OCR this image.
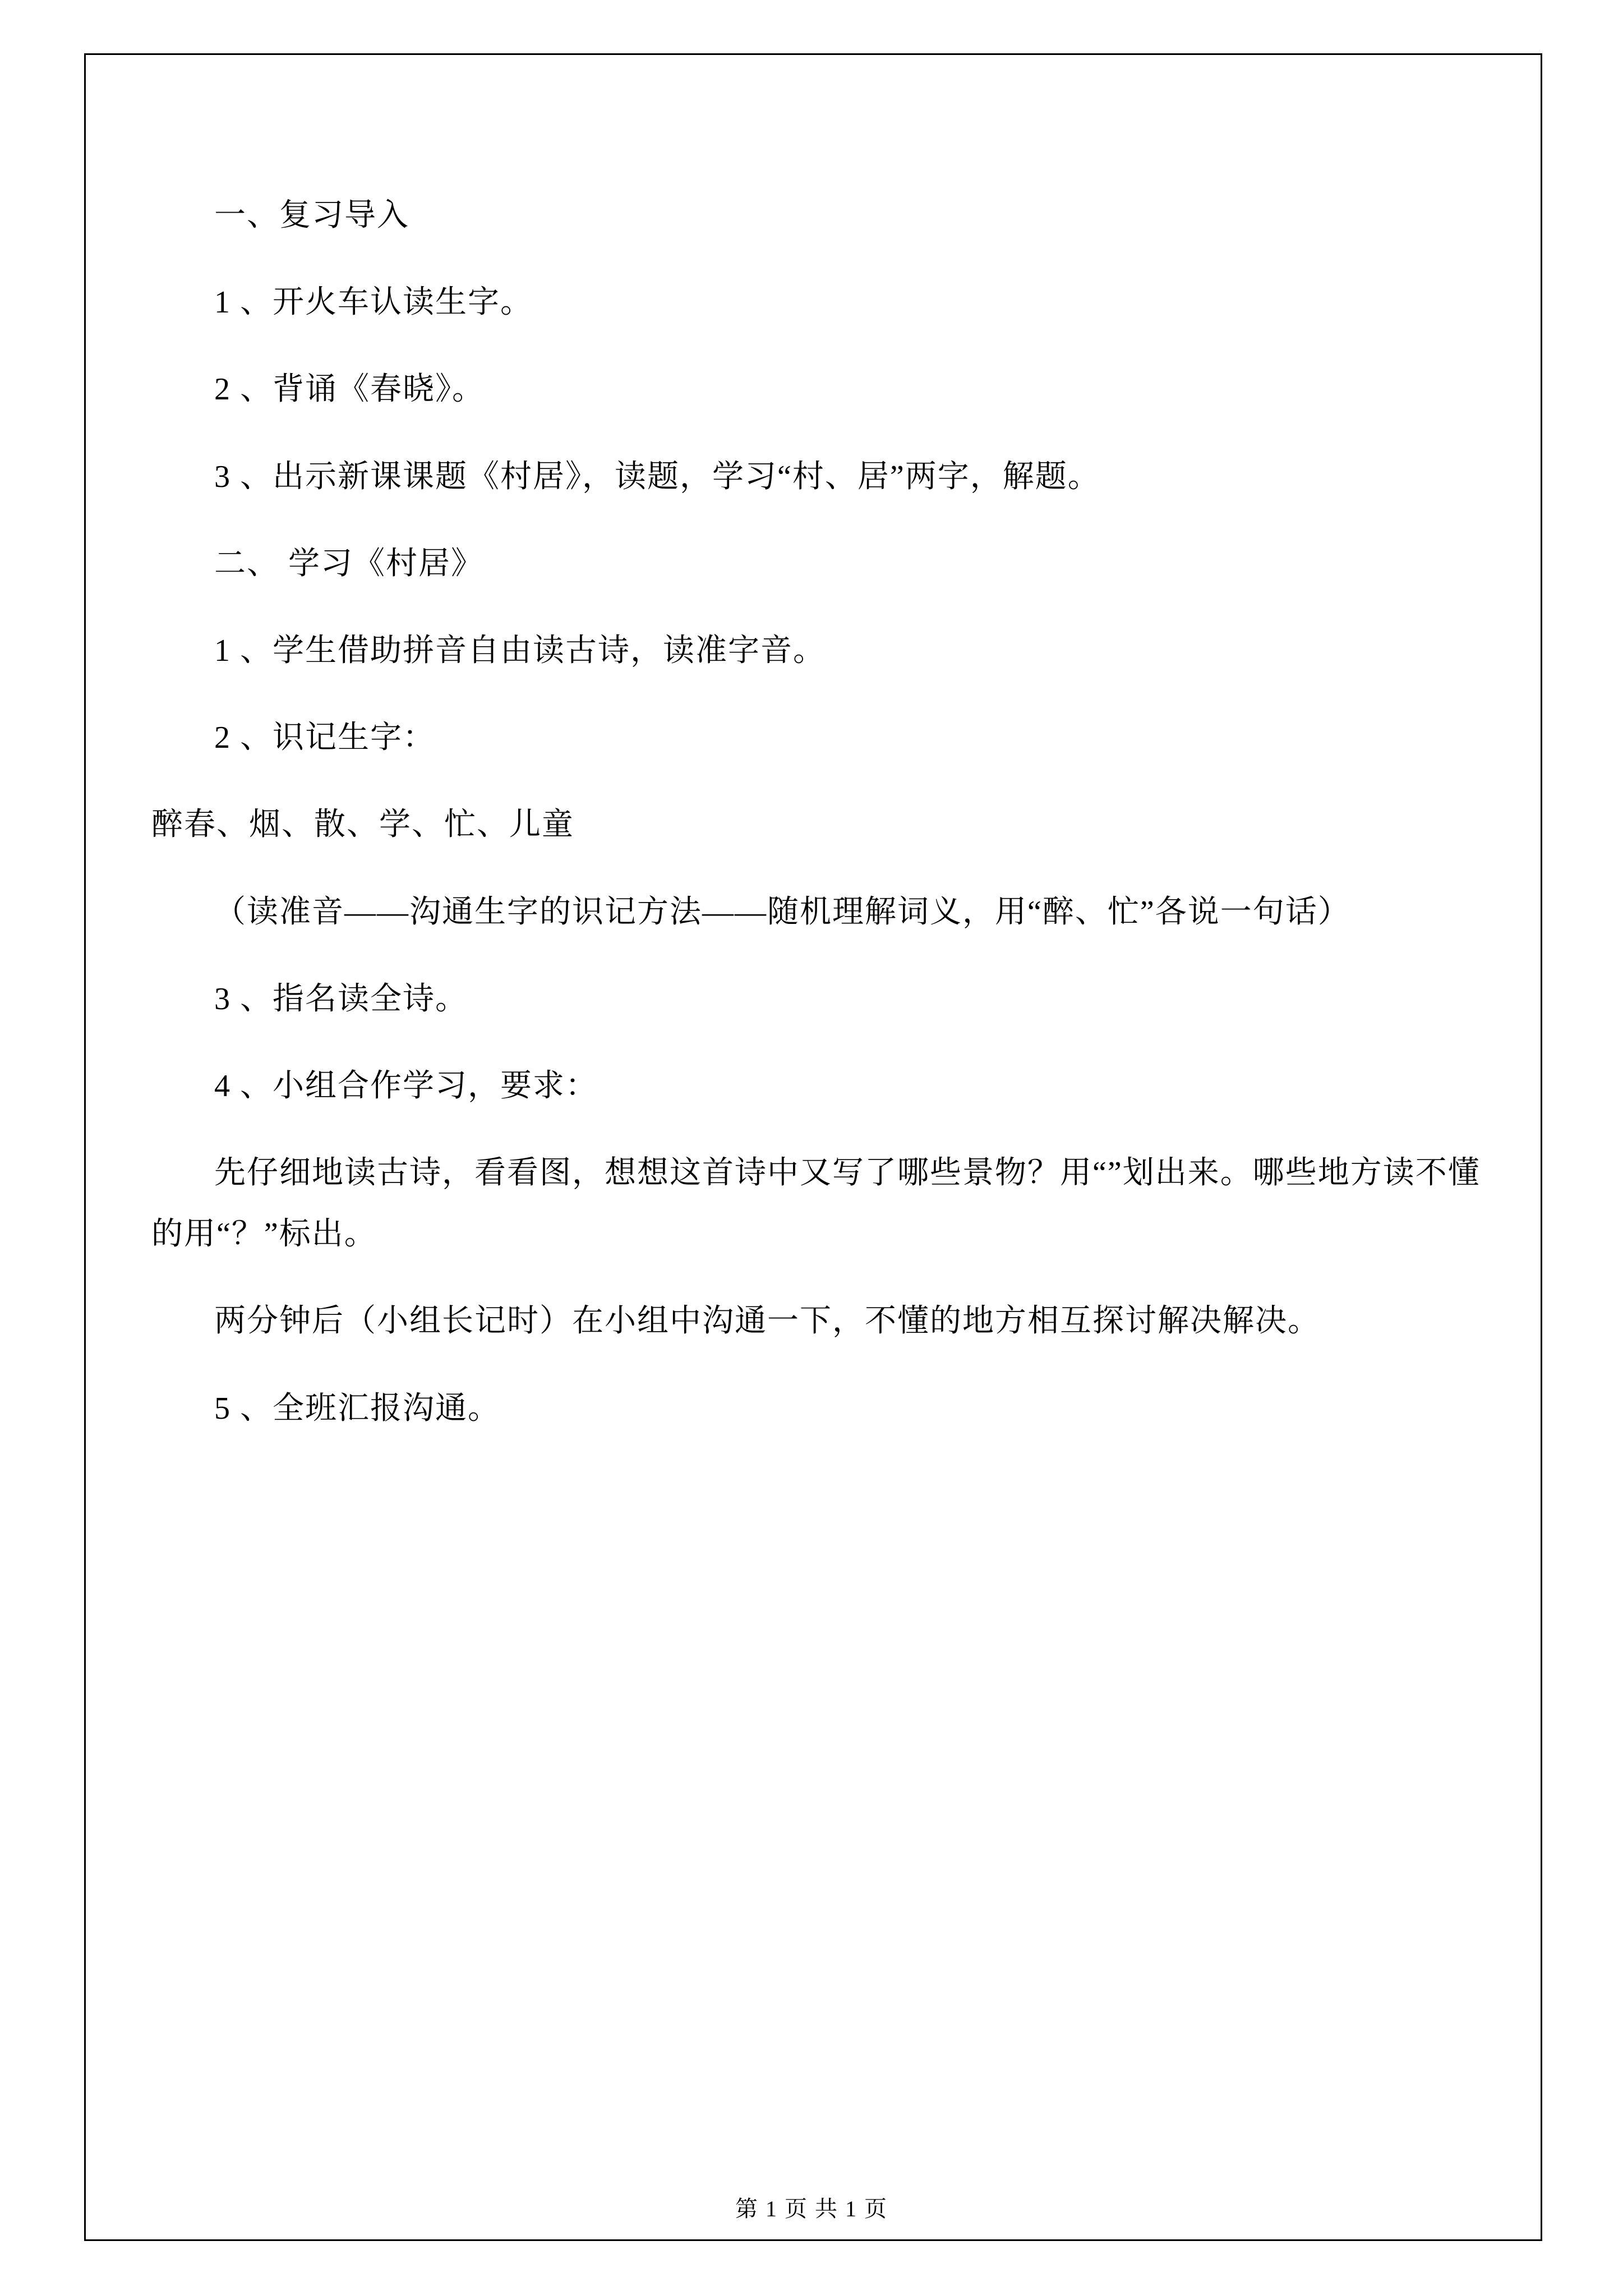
一、复习导入

1 、开火车认读生字。

2 、背诵《春晓》。

3 、出示新课课题《村居》，读题，学习“村、居”两字，解题。

二、 学习《村居》

1 、学生借助拼音自由读古诗，读准字音。

2 、识记生字：

醉春、烟、散、学、忙、儿童

（读准音——沟通生字的识记方法——随机理解词义，用“醉、忙”各说一句话）

3 、指名读全诗。

4 、小组合作学习，要求：

先仔细地读古诗，看看图，想想这首诗中又写了哪些景物？用“”划出来。哪些地方读不懂的用“？”标出。

两分钟后（小组长记时）在小组中沟通一下，不懂的地方相互探讨解决解决。

5 、全班汇报沟通。

第 1 页 共 1 页
